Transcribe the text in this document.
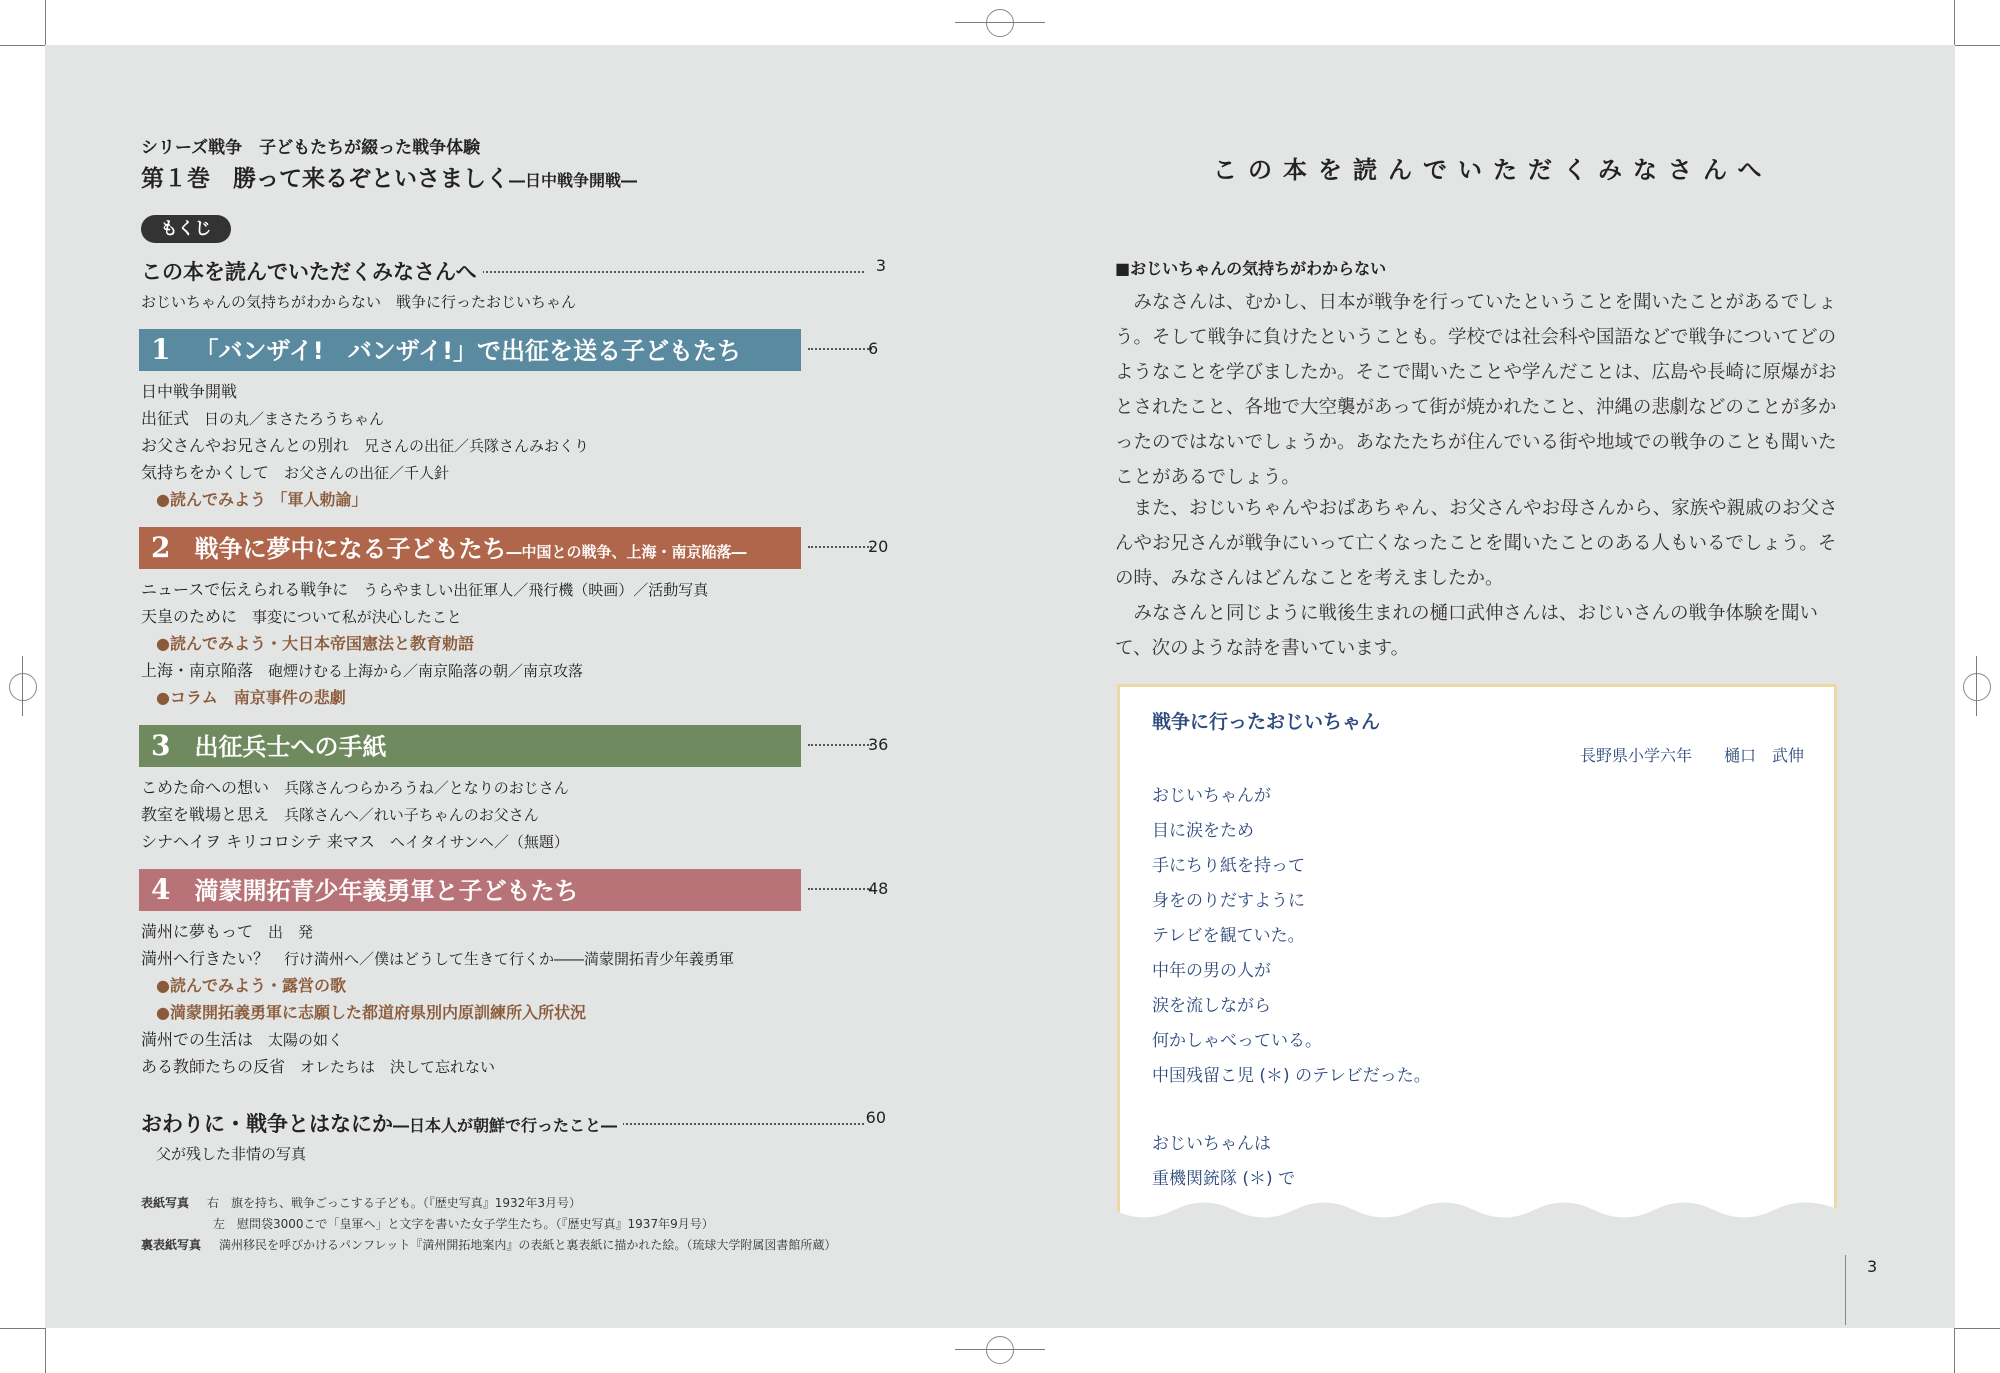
シリーズ戦争　子どもたちが綴った戦争体験
第１巻　勝って来るぞといさましく―日中戦争開戦―
もくじ
この本を読んでいただくみなさんへ	3
おじいちゃんの気持ちがわからない　戦争に行ったおじいちゃん
1 「バンザイ!　バンザイ!」で出征を送る子どもたち	6
日中戦争開戦
出征式　 日の丸／まさたろうちゃん
お父さんやお兄さんとの別れ　 兄さんの出征／兵隊さんみおくり
気持ちをかくして　 お父さんの出征／千人針
●読んでみよう 「軍人勅諭」
2 戦争に夢中になる子どもたち―中国との戦争、上海・南京陥落―	20
ニュースで伝えられる戦争に　 うらやましい出征軍人／飛行機（映画）／活動写真
天皇のために　 事変について私が決心したこと
●読んでみよう・大日本帝国憲法と教育勅語
上海・南京陥落　 砲煙けむる上海から／南京陥落の朝／南京攻落
●コラム　南京事件の悲劇
3 出征兵士への手紙	36
こめた命への想い　 兵隊さんつらかろうね／となりのおじさん
教室を戦場と思え　 兵隊さんへ／れい子ちゃんのお父さん
シナヘイヲ キリコロシテ 来マス　 ヘイタイサンヘ／（無題）
4 満蒙開拓青少年義勇軍と子どもたち	48
満州に夢もって　 出　発
満州へ行きたい？　 行け満州へ／僕はどうして生きて行くか――満蒙開拓青少年義勇軍
●読んでみよう・露営の歌
●満蒙開拓義勇軍に志願した都道府県別内原訓練所入所状況
満州での生活は　 太陽の如く
ある教師たちの反省　 オレたちは　決して忘れない
おわりに・戦争とはなにか―日本人が朝鮮で行ったこと―	60
父が残した非情の写真
表紙写真 右　旗を持ち、戦争ごっこする子ども。（『歴史写真』1932年3月号）
左　慰問袋3000こで「皇軍へ」と文字を書いた女子学生たち。（『歴史写真』1937年9月号）
裏表紙写真 満州移民を呼びかけるパンフレット『満州開拓地案内』の表紙と裏表紙に描かれた絵。（琉球大学附属図書館所蔵）
この本を読んでいただくみなさんへ
■おじいちゃんの気持ちがわからない
　みなさんは、むかし、日本が戦争を行っていたということを聞いたことがあるでしょう。そして戦争に負けたということも。学校では社会科や国語などで戦争についてどのようなことを学びましたか。そこで聞いたことや学んだことは、広島や長崎に原爆がおとされたこと、各地で大空襲があって街が焼かれたこと、沖縄の悲劇などのことが多かったのではないでしょうか。あなたたちが住んでいる街や地域での戦争のことも聞いたことがあるでしょう。
　また、おじいちゃんやおばあちゃん、お父さんやお母さんから、家族や親戚のお父さんやお兄さんが戦争にいって亡くなったことを聞いたことのある人もいるでしょう。その時、みなさんはどんなことを考えましたか。
　みなさんと同じように戦後生まれの樋口武伸さんは、おじいさんの戦争体験を聞いて、次のような詩を書いています。
戦争に行ったおじいちゃん
長野県小学六年　　樋口　武伸
おじいちゃんが
目に涙をため
手にちり紙を持って
身をのりだすように
テレビを観ていた。
中年の男の人が
涙を流しながら
何かしゃべっている。
中国残留こ児 (＊) のテレビだった。
おじいちゃんは
重機関銃隊 (＊) で
3
